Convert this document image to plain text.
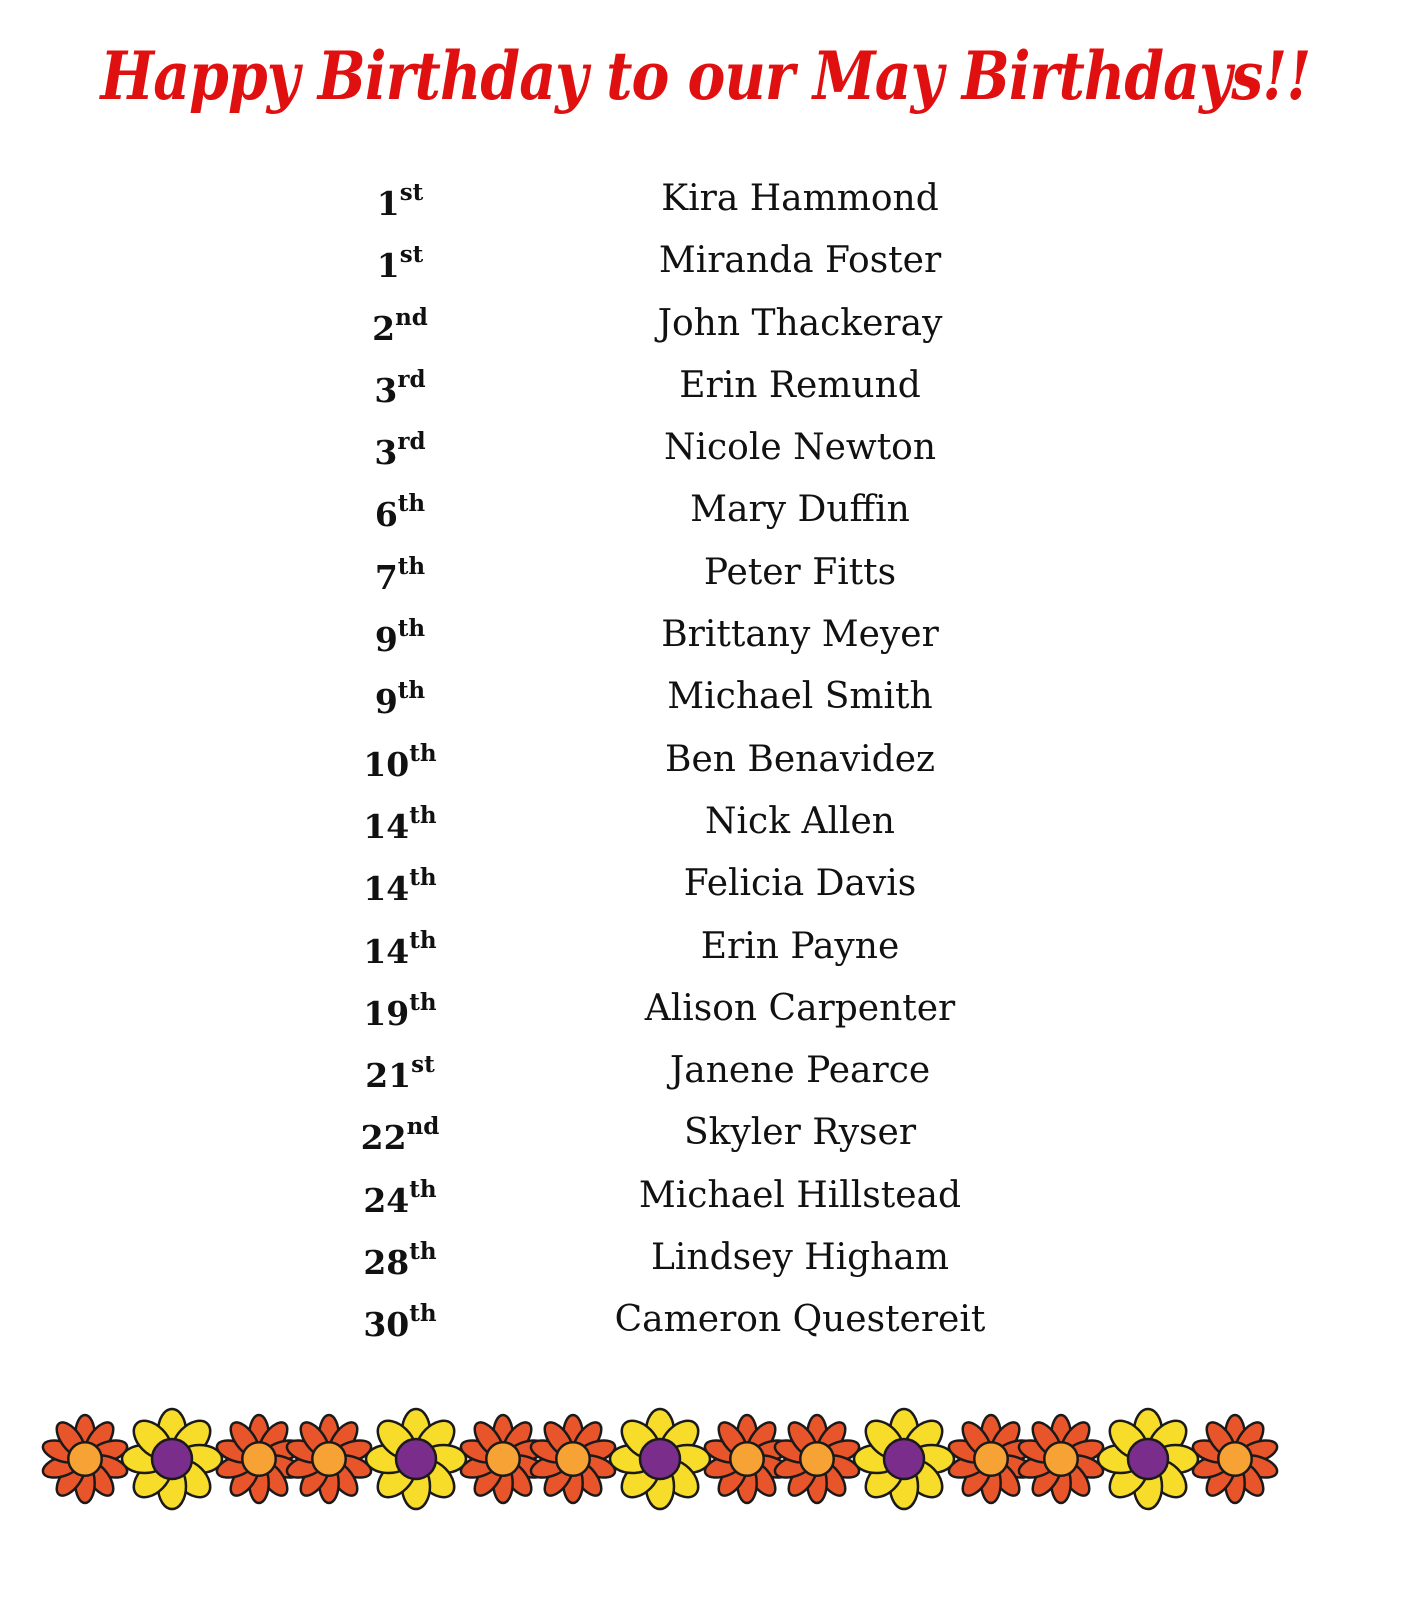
Happy Birthday to our May Birthdays!!
1st	Kira Hammond
1st	Miranda Foster
2nd	John Thackeray
3rd	Erin Remund
3rd	Nicole Newton
6th	Mary Duffin
7th	Peter Fitts
9th	Brittany Meyer
9th	Michael Smith
10th	Ben Benavidez
14th	Nick Allen
14th	Felicia Davis
14th	Erin Payne
19th	Alison Carpenter
21st	Janene Pearce
22nd	Skyler Ryser
24th	Michael Hillstead
28th	Lindsey Higham
30th	Cameron Questereit
